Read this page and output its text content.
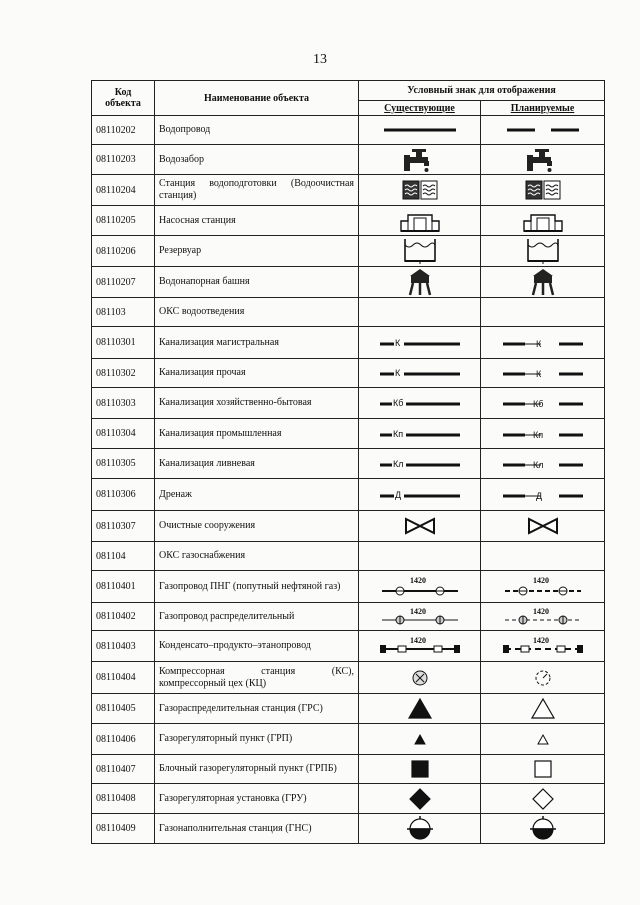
13
Код объекта	Наименование объекта	Условный знак для отображения	
		Существующие	Планируемые
08110202	Водопровод	

08110203	Водозабор	

08110204	Станция водоподготовки (Водоочистная станция)	

08110205	Насосная станция	

08110206	Резервуар	

08110207	Водонапорная башня	

081103	ОКС водоотведения		
08110301	Канализация магистральная	К	К

08110302	Канализация прочая	К	К

08110303	Канализация хозяйственно-бытовая	Кб	Кб

08110304	Канализация промышленная	Кп	Кп

08110305	Канализация ливневая	Кл	Кл

08110306	Дренаж	Д	Д

08110307	Очистные сооружения	

081104	ОКС газоснабжения		
08110401	Газопровод ПНГ (попутный нефтяной газ)	1420	1420

08110402	Газопровод распределительный	1420	1420

08110403	Конденсато–продукто–этанопровод	1420	1420

08110404	Компрессорная станция (КС), компрессорный цех (КЦ)	

08110405	Газораспределительная станция (ГРС)	

08110406	Газорегуляторный пункт (ГРП)	

08110407	Блочный газорегуляторный пункт (ГРПБ)	

08110408	Газорегуляторная установка (ГРУ)	

08110409	Газонаполнительная станция (ГНС)	
